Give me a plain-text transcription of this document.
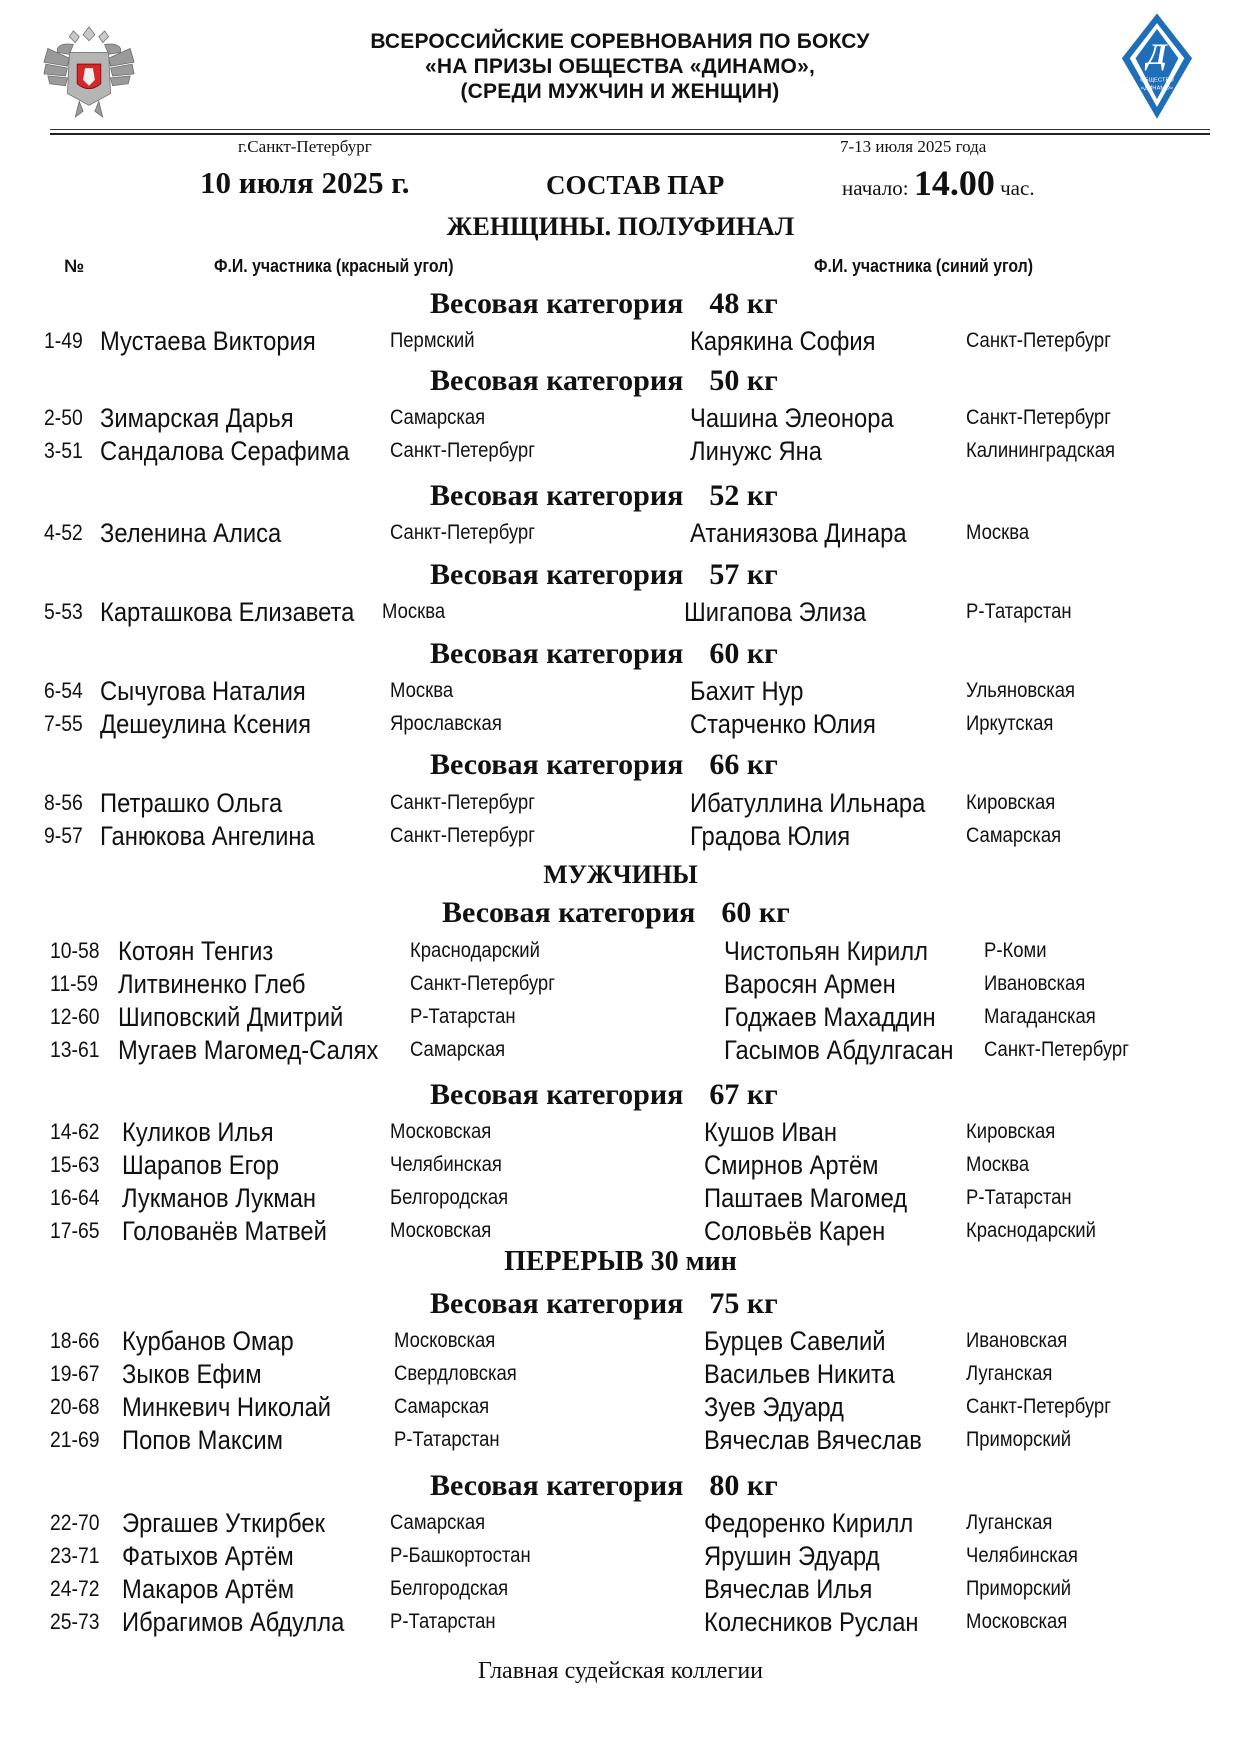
Д
ОБЩЕСТВО
«ДИНАМО»
ВСЕРОССИЙСКИЕ СОРЕВНОВАНИЯ ПО БОКСУ
«НА ПРИЗЫ ОБЩЕСТВА «ДИНАМО»,
(СРЕДИ МУЖЧИН И ЖЕНЩИН)
г.Санкт-Петербург	7-13 июля 2025 года
10 июля 2025 г.	СОСТАВ ПАР	начало: 14.00 час.
ЖЕНЩИНЫ. ПОЛУФИНАЛ
№	Ф.И. участника (красный угол)	Ф.И. участника (синий угол)
Весовая категория 48 кг
1-49 Мустаева Виктория	Пермский	Карякина София	Санкт-Петербург
Весовая категория 50 кг
2-50 Зимарская Дарья	Самарская	Чашина Элеонора	Санкт-Петербург
3-51 Сандалова Серафима	Санкт-Петербург	Линужс Яна	Калининградская
Весовая категория 52 кг
4-52 Зеленина Алиса	Санкт-Петербург	Атаниязова Динара	Москва
Весовая категория 57 кг
5-53 Карташкова Елизавета	Москва	Шигапова Элиза	Р-Татарстан
Весовая категория 60 кг
6-54 Сычугова Наталия	Москва	Бахит Нур	Ульяновская
7-55 Дешеулина Ксения	Ярославская	Старченко Юлия	Иркутская
Весовая категория 66 кг
8-56 Петрашко Ольга	Санкт-Петербург	Ибатуллина Ильнара	Кировская
9-57 Ганюкова Ангелина	Санкт-Петербург	Градова Юлия	Самарская
Весовая категория 60 кг
10-58 Котоян Тенгиз	Краснодарский	Чистопьян Кирилл	Р-Коми
11-59 Литвиненко Глеб	Санкт-Петербург	Варосян Армен	Ивановская
12-60 Шиповский Дмитрий	Р-Татарстан	Годжаев Махаддин	Магаданская
13-61 Мугаев Магомед-Салях	Самарская	Гасымов Абдулгасан	Санкт-Петербург
Весовая категория 67 кг
14-62 Куликов Илья	Московская	Кушов Иван	Кировская
15-63 Шарапов Егор	Челябинская	Смирнов Артём	Москва
16-64 Лукманов Лукман	Белгородская	Паштаев Магомед	Р-Татарстан
17-65 Голованёв Матвей	Московская	Соловьёв Карен	Краснодарский
Весовая категория 75 кг
18-66 Курбанов Омар	Московская	Бурцев Савелий	Ивановская
19-67 Зыков Ефим	Свердловская	Васильев Никита	Луганская
20-68 Минкевич Николай	Самарская	Зуев Эдуард	Санкт-Петербург
21-69 Попов Максим	Р-Татарстан	Вячеслав Вячеслав	Приморский
Весовая категория 80 кг
22-70 Эргашев Уткирбек	Самарская	Федоренко Кирилл	Луганская
23-71 Фатыхов Артём	Р-Башкортостан	Ярушин Эдуард	Челябинская
24-72 Макаров Артём	Белгородская	Вячеслав Илья	Приморский
25-73 Ибрагимов Абдулла	Р-Татарстан	Колесников Руслан	Московская
МУЖЧИНЫ
ПЕРЕРЫВ 30 мин
Главная судейская коллегии
